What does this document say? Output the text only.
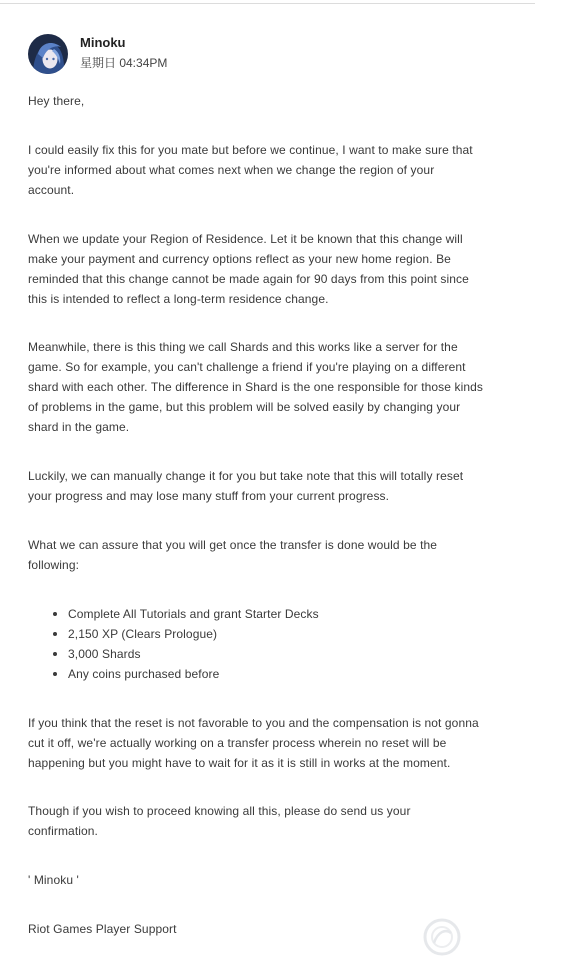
Minoku
星期日 04:34PM
Hey there,
I could easily fix this for you mate but before we continue, I want to make sure that
you're informed about what comes next when we change the region of your
account.
When we update your Region of Residence. Let it be known that this change will
make your payment and currency options reflect as your new home region. Be
reminded that this change cannot be made again for 90 days from this point since
this is intended to reflect a long-term residence change.
Meanwhile, there is this thing we call Shards and this works like a server for the
game. So for example, you can't challenge a friend if you're playing on a different
shard with each other. The difference in Shard is the one responsible for those kinds
of problems in the game, but this problem will be solved easily by changing your
shard in the game.
Luckily, we can manually change it for you but take note that this will totally reset
your progress and may lose many stuff from your current progress.
What we can assure that you will get once the transfer is done would be the
following:
Complete All Tutorials and grant Starter Decks
2,150 XP (Clears Prologue)
3,000 Shards
Any coins purchased before
If you think that the reset is not favorable to you and the compensation is not gonna
cut it off, we're actually working on a transfer process wherein no reset will be
happening but you might have to wait for it as it is still in works at the moment.
Though if you wish to proceed knowing all this, please do send us your
confirmation.
' Minoku '
Riot Games Player Support
